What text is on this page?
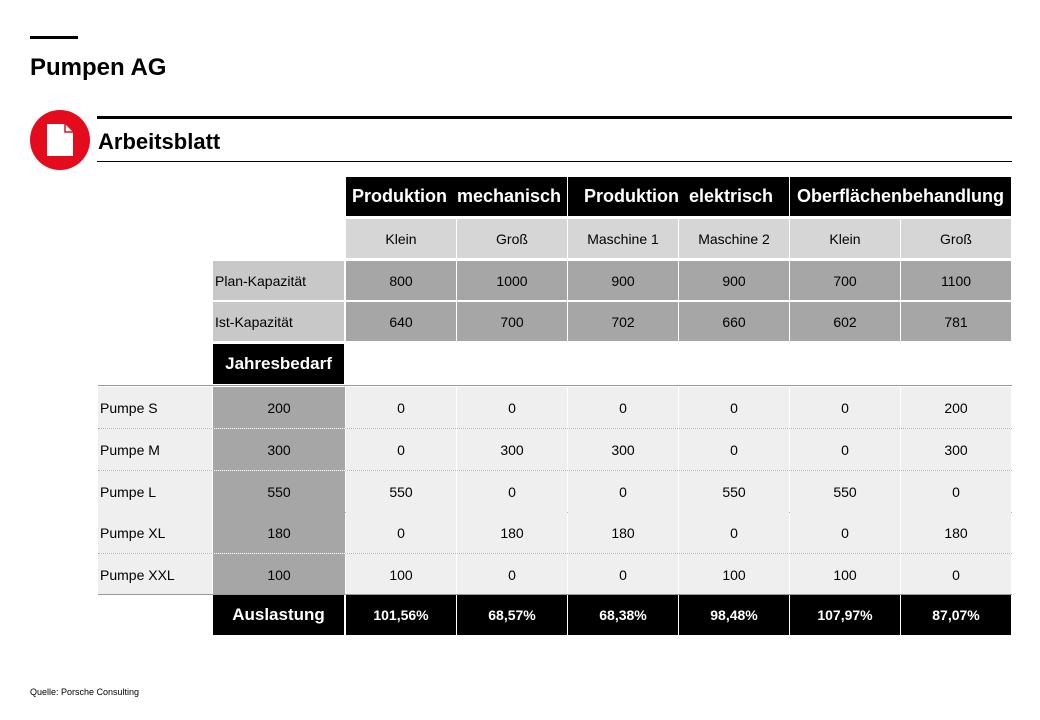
Pumpen AG
Arbeitsblatt
Produktion  mechanisch
Klein	Groß
Produktion  elektrisch
Maschine 1	Maschine 2
Oberflächenbehandlung
Klein	Groß
Plan-Kapazität	800	1000	900	900	700	1100
Ist-Kapazität	640	700	702	660	602	781
Jahresbedarf
Pumpe S	200	0	0	0	0	0	200
Pumpe M	300	0	300	300	0	0	300
Pumpe L	550	550	0	0	550	550	0
Pumpe XL	180	0	180	180	0	0	180
Pumpe XXL	100	100	0	0	100	100	0
Auslastung	101,56%	68,57%	68,38%	98,48%	107,97%	87,07%
Quelle: Porsche Consulting
